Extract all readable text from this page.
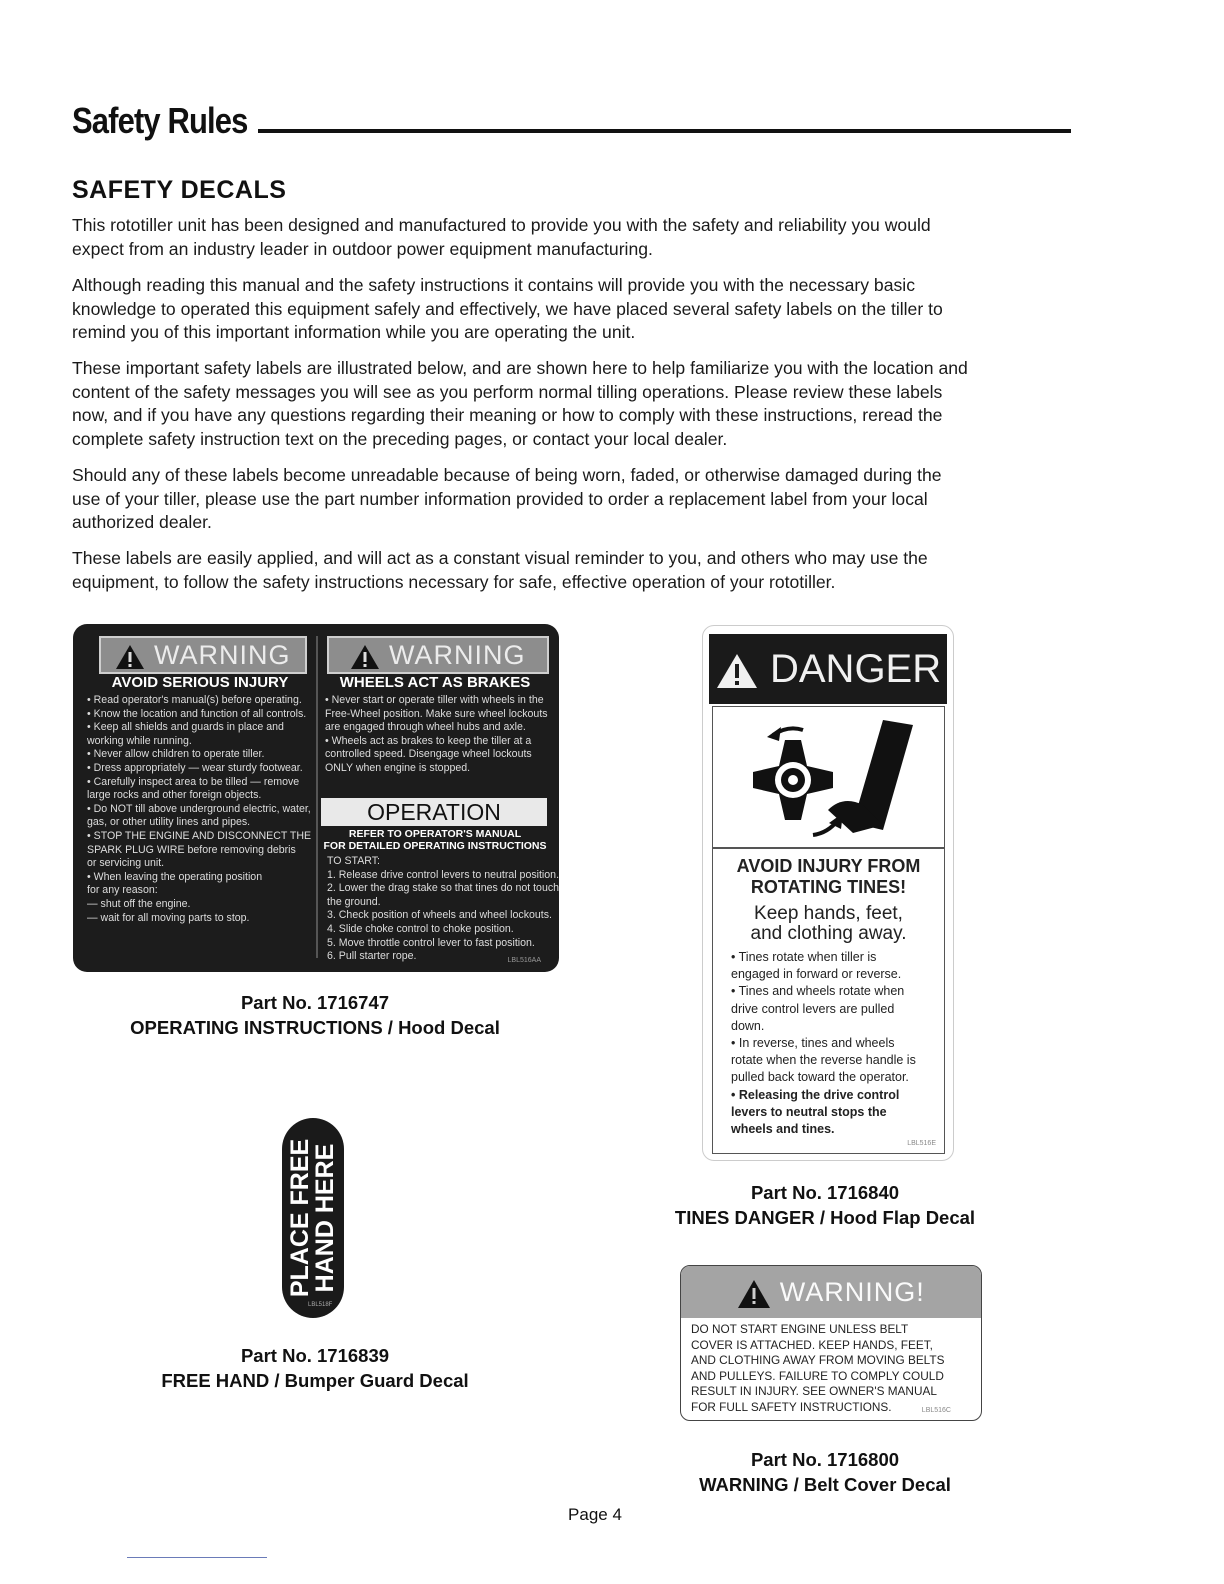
Safety Rules
SAFETY DECALS
This rototiller unit has been designed and manufactured to provide you with the safety and reliability you would
expect from an industry leader in outdoor power equipment manufacturing.
Although reading this manual and the safety instructions it contains will provide you with the necessary basic
knowledge to operated this equipment safely and effectively, we have placed several safety labels on the tiller to
remind you of this important information while you are operating the unit.
These important safety labels are illustrated below, and are shown here to help familiarize you with the location and
content of the safety messages you will see as you perform normal tilling operations. Please review these labels
now, and if you have any questions regarding their meaning or how to comply with these instructions, reread the
complete safety instruction text on the preceding pages, or contact your local dealer.
Should any of these labels become unreadable because of being worn, faded, or otherwise damaged during the
use of your tiller, please use the part number information provided to order a replacement label from your local
authorized dealer.
These labels are easily applied, and will act as a constant visual reminder to you, and others who may use the
equipment, to follow the safety instructions necessary for safe, effective operation of your rototiller.
WARNING
AVOID SERIOUS INJURY
• Read operator's manual(s) before operating.
• Know the location and function of all controls.
• Keep all shields and guards in place and
working while running.
• Never allow children to operate tiller.
• Dress appropriately — wear sturdy footwear.
• Carefully inspect area to be tilled — remove
large rocks and other foreign objects.
• Do NOT till above underground electric, water,
gas, or other utility lines and pipes.
• STOP THE ENGINE AND DISCONNECT THE
SPARK PLUG WIRE before removing debris
or servicing unit.
• When leaving the operating position
for any reason:
— shut off the engine.
— wait for all moving parts to stop.
WARNING
WHEELS ACT AS BRAKES
• Never start or operate tiller with wheels in the
Free-Wheel position. Make sure wheel lockouts
are engaged through wheel hubs and axle.
• Wheels act as brakes to keep the tiller at a
controlled speed. Disengage wheel lockouts
ONLY when engine is stopped.
OPERATION
REFER TO OPERATOR'S MANUAL
FOR DETAILED OPERATING INSTRUCTIONS
TO START:
1. Release drive control levers to neutral position.
2. Lower the drag stake so that tines do not touch
the ground.
3. Check position of wheels and wheel lockouts.
4. Slide choke control to choke position.
5. Move throttle control lever to fast position.
6. Pull starter rope.	LBL516AA
Part No. 1716747
OPERATING INSTRUCTIONS / Hood Decal
PLACE FREE
HAND HERE
LBL518F
Part No. 1716839
FREE HAND / Bumper Guard Decal
DANGER
AVOID INJURY FROM
ROTATING TINES!
Keep hands, feet,
and clothing away.
• Tines rotate when tiller is
engaged in forward or reverse.
• Tines and wheels rotate when
drive control levers are pulled
down.
• In reverse, tines and wheels
rotate when the reverse handle is
pulled back toward the operator.
• Releasing the drive control
levers to neutral stops the
wheels and tines.
LBL516E
Part No. 1716840
TINES DANGER / Hood Flap Decal
WARNING!
DO NOT START ENGINE UNLESS BELT
COVER IS ATTACHED. KEEP HANDS, FEET,
AND CLOTHING AWAY FROM MOVING BELTS
AND PULLEYS. FAILURE TO COMPLY COULD
RESULT IN INJURY. SEE OWNER'S MANUAL
FOR FULL SAFETY INSTRUCTIONS.	LBL516C
Part No. 1716800
WARNING / Belt Cover Decal
Page 4
